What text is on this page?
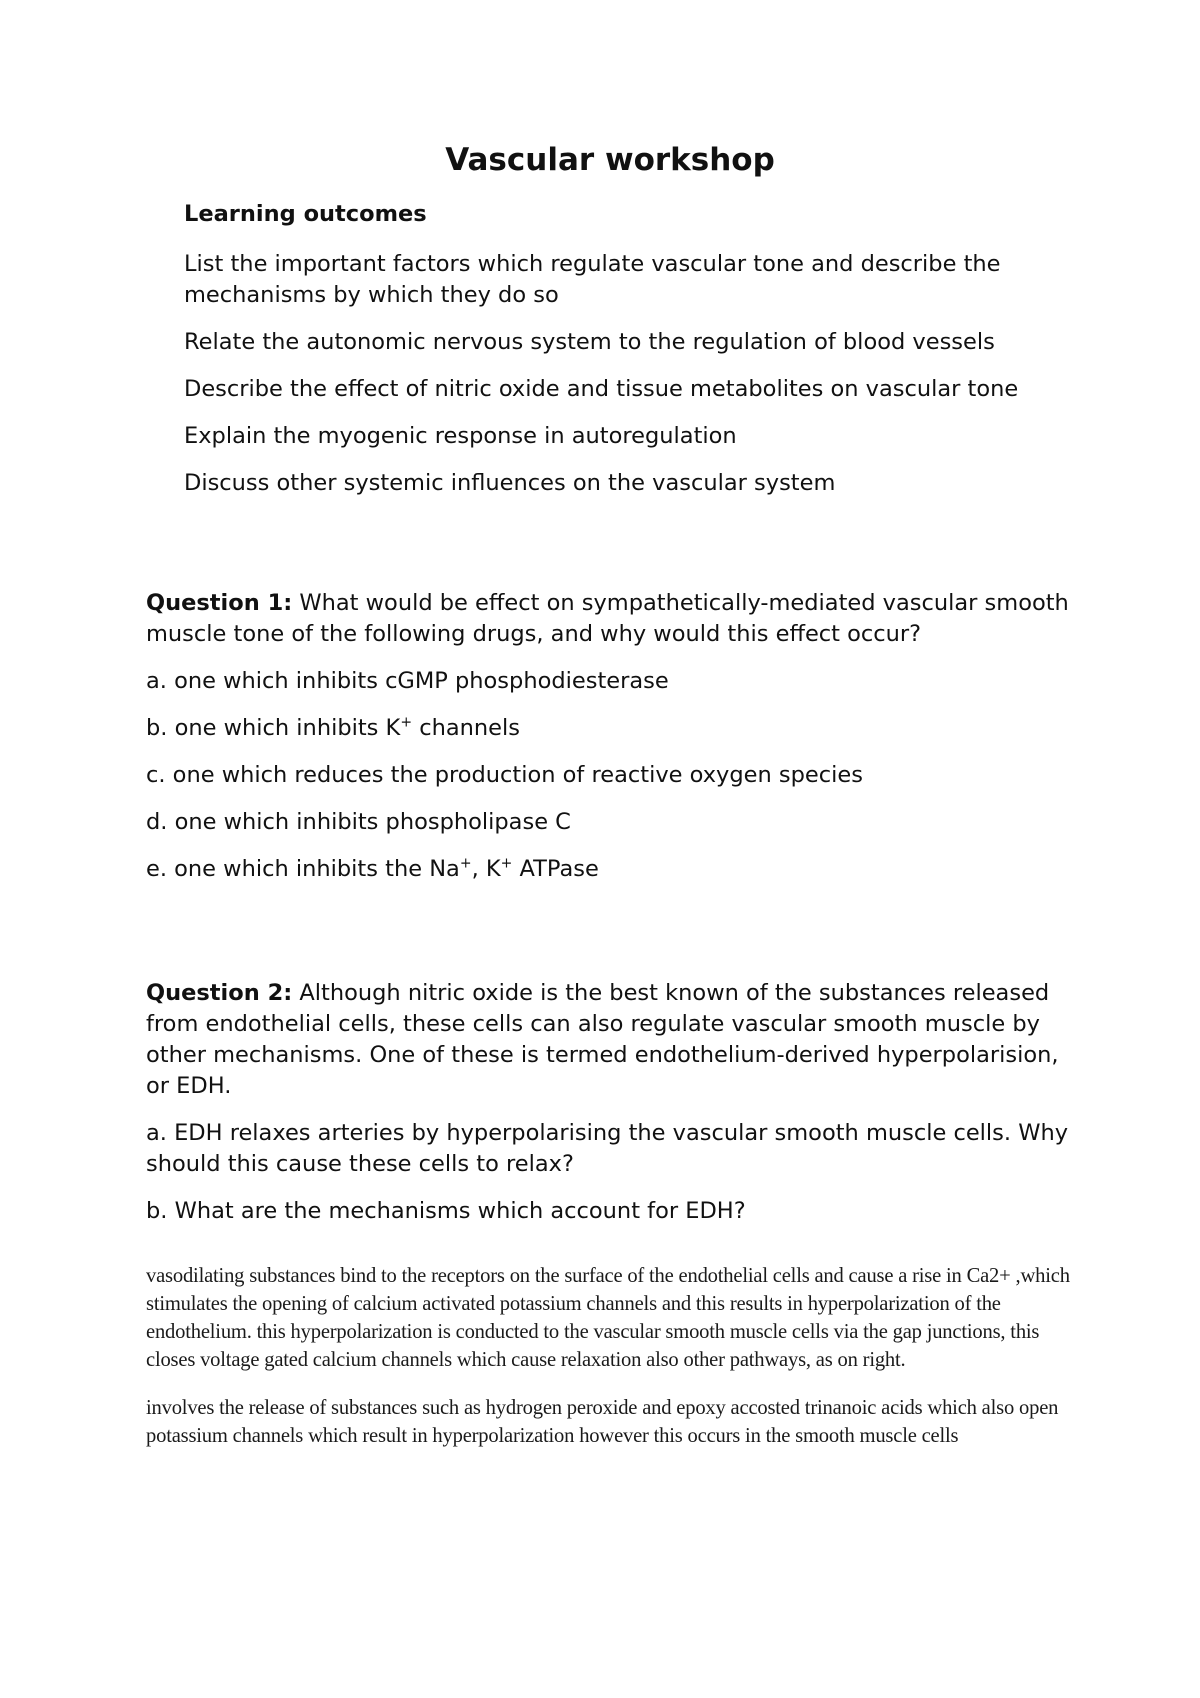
Vascular workshop
Learning outcomes

List the important factors which regulate vascular tone and describe the mechanisms by which they do so

Relate the autonomic nervous system to the regulation of blood vessels

Describe the effect of nitric oxide and tissue metabolites on vascular tone

Explain the myogenic response in autoregulation

Discuss other systemic influences on the vascular system

Question 1: What would be effect on sympathetically-mediated vascular smooth muscle tone of the following drugs, and why would this effect occur?

a. one which inhibits cGMP phosphodiesterase

b. one which inhibits K+ channels

c. one which reduces the production of reactive oxygen species

d. one which inhibits phospholipase C

e. one which inhibits the Na+, K+ ATPase

Question 2: Although nitric oxide is the best known of the substances released from endothelial cells, these cells can also regulate vascular smooth muscle by other mechanisms. One of these is termed endothelium-derived hyperpolarision, or EDH.

a. EDH relaxes arteries by hyperpolarising the vascular smooth muscle cells. Why should this cause these cells to relax?

b. What are the mechanisms which account for EDH?

vasodilating substances bind to the receptors on the surface of the endothelial cells and cause a rise in Ca2+ ,which stimulates the opening of calcium activated potassium channels and this results in hyperpolarization of the endothelium. this hyperpolarization is conducted to the vascular smooth muscle cells via the gap junctions, this closes voltage gated calcium channels which cause relaxation also other pathways, as on right.

involves the release of substances such as hydrogen peroxide and epoxy accosted trinanoic acids which also open potassium channels which result in hyperpolarization however this occurs in the smooth muscle cells
